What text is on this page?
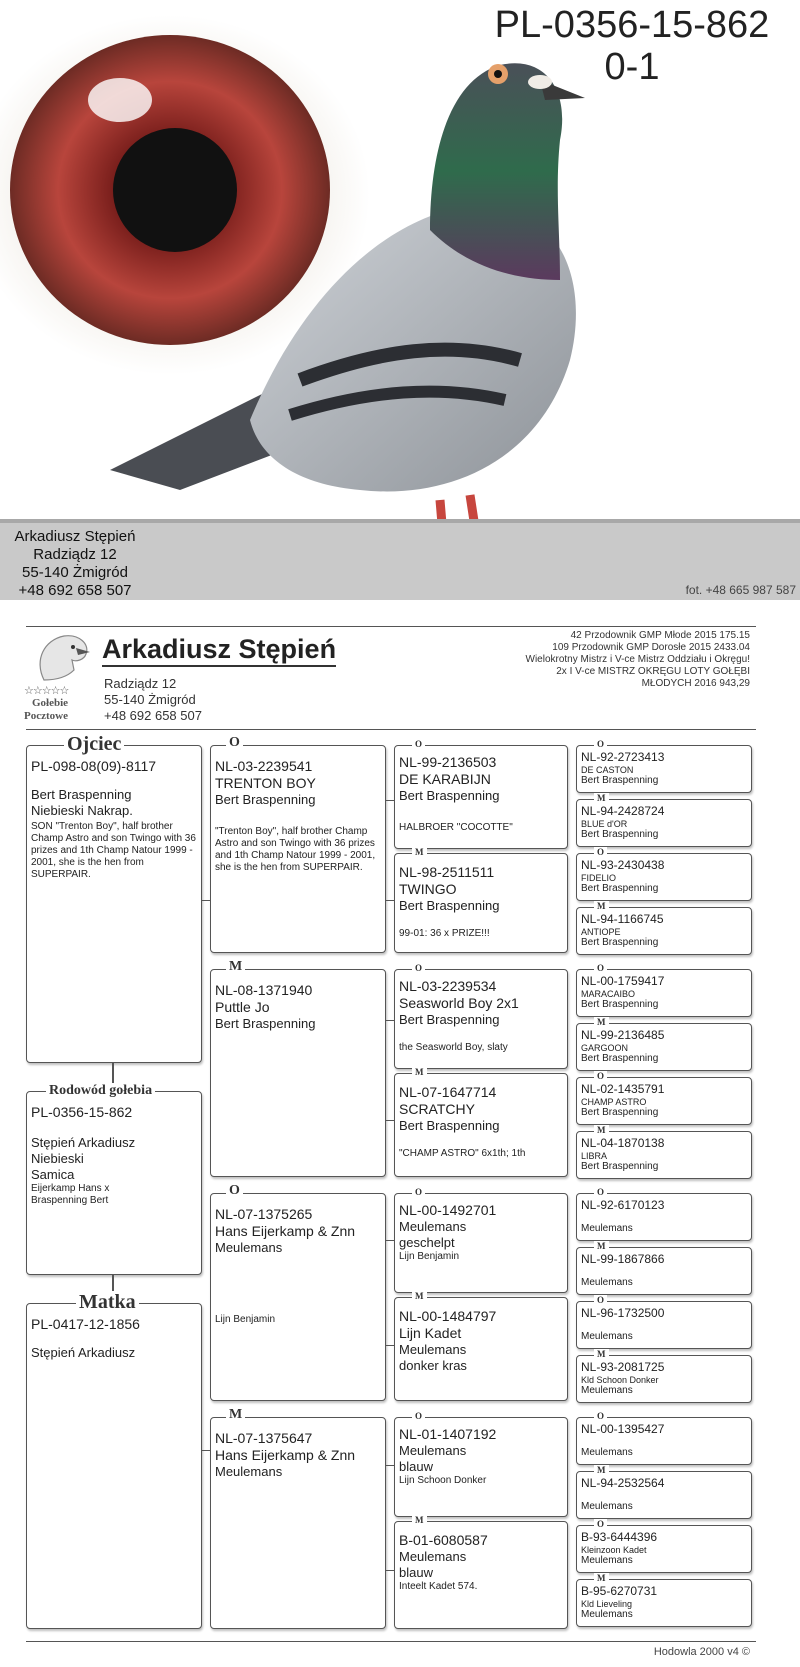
PL-0356-15-862
0-1
Arkadiusz Stępień
Radziądz 12
55-140 Żmigród
+48 692 658 507	fot. +48 665 987 587
☆☆☆☆☆
Gołebie
Pocztowe
Arkadiusz Stępień
Radziądz 12
55-140 Żmigród
+48 692 658 507
42 Przodownik GMP Młode 2015 175.15
109 Przodownik GMP Dorosłe 2015 2433.04
Wielokrotny Mistrz i V-ce Mistrz Oddziału i Okręgu!
2x I V-ce MISTRZ OKRĘGU LOTY GOŁĘBI
MŁODYCH 2016 943,29
PL-098-08(09)-8117
Bert Braspenning
Niebieski Nakrap.
SON "Trenton Boy", half brother Champ Astro and son Twingo with 36 prizes and 1th Champ Natour 1999 - 2001, she is the hen from SUPERPAIR.
Ojciec
PL-0356-15-862
Stępień Arkadiusz
Niebieski
Samica
Eijerkamp Hans x Braspenning Bert
Rodowód gołebia
PL-0417-12-1856
Stępień Arkadiusz
Matka
NL-03-2239541
TRENTON BOY
Bert Braspenning
"Trenton Boy", half brother Champ Astro and son Twingo with 36 prizes and 1th Champ Natour 1999 - 2001, she is the hen from SUPERPAIR.
O
NL-08-1371940
Puttle Jo
Bert Braspenning
M
NL-07-1375265
Hans Eijerkamp & Znn
Meulemans
Lijn Benjamin
O
NL-07-1375647
Hans Eijerkamp & Znn
Meulemans
M
NL-99-2136503
DE KARABIJN
Bert Braspenning
HALBROER "COCOTTE"
O
NL-98-2511511
TWINGO
Bert Braspenning
99-01: 36 x PRIZE!!!
M
NL-03-2239534
Seasworld Boy 2x1
Bert Braspenning
the Seasworld Boy, slaty
O
NL-07-1647714
SCRATCHY
Bert Braspenning
"CHAMP ASTRO" 6x1th; 1th
M
NL-00-1492701
Meulemans
geschelpt
Lijn Benjamin
O
NL-00-1484797
Lijn Kadet
Meulemans
donker kras
M
NL-01-1407192
Meulemans
blauw
Lijn Schoon Donker
O
B-01-6080587
Meulemans
blauw
Inteelt Kadet 574.
M
NL-92-2723413
DE CASTON
Bert Braspenning
O
NL-94-2428724
BLUE d'OR
Bert Braspenning
M
NL-93-2430438
FIDELIO
Bert Braspenning
O
NL-94-1166745
ANTIOPE
Bert Braspenning
M
NL-00-1759417
MARACAIBO
Bert Braspenning
O
NL-99-2136485
GARGOON
Bert Braspenning
M
NL-02-1435791
CHAMP ASTRO
Bert Braspenning
O
NL-04-1870138
LIBRA
Bert Braspenning
M
NL-92-6170123
Meulemans
O
NL-99-1867866
Meulemans
M
NL-96-1732500
Meulemans
O
NL-93-2081725
Kld Schoon Donker
Meulemans
M
NL-00-1395427
Meulemans
O
NL-94-2532564
Meulemans
M
B-93-6444396
Kleinzoon Kadet
Meulemans
O
B-95-6270731
Kld Lieveling
Meulemans
M
Hodowla 2000 v4 ©
